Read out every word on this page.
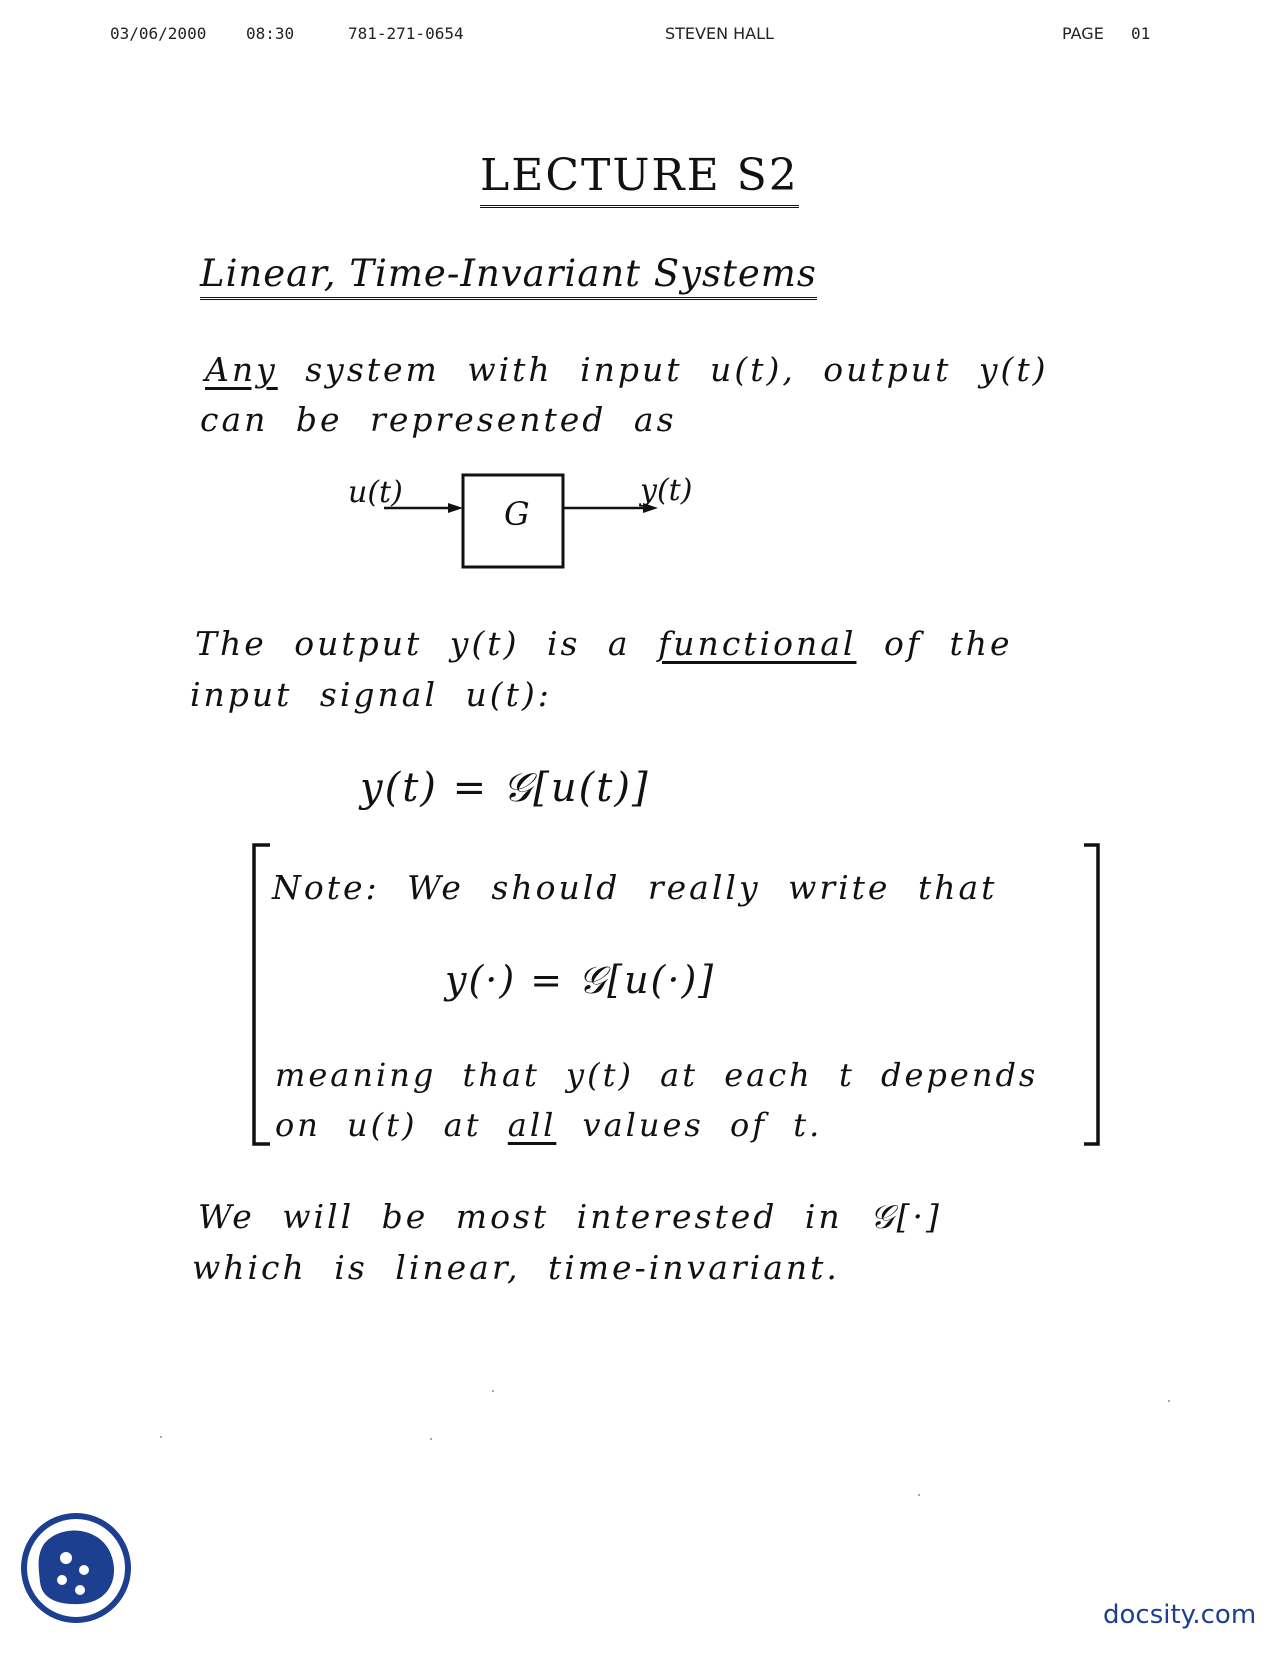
03/06/2000 08:30	781-271-0654	STEVEN HALL	PAGE 01
LECTURE S2
Linear, Time-Invariant Systems
Any system with input u(t), output y(t)
can be represented as
G
u(t)	y(t)
The output y(t) is a functional of the
input signal u(t):
y(t) = 𝒢[u(t)]
Note: We should really write that
y(·) = 𝒢[u(·)]
meaning that y(t) at each t depends
on u(t) at all values of t.
We will be most interested in 𝒢[·]
which is linear, time-invariant.
docsity.com
